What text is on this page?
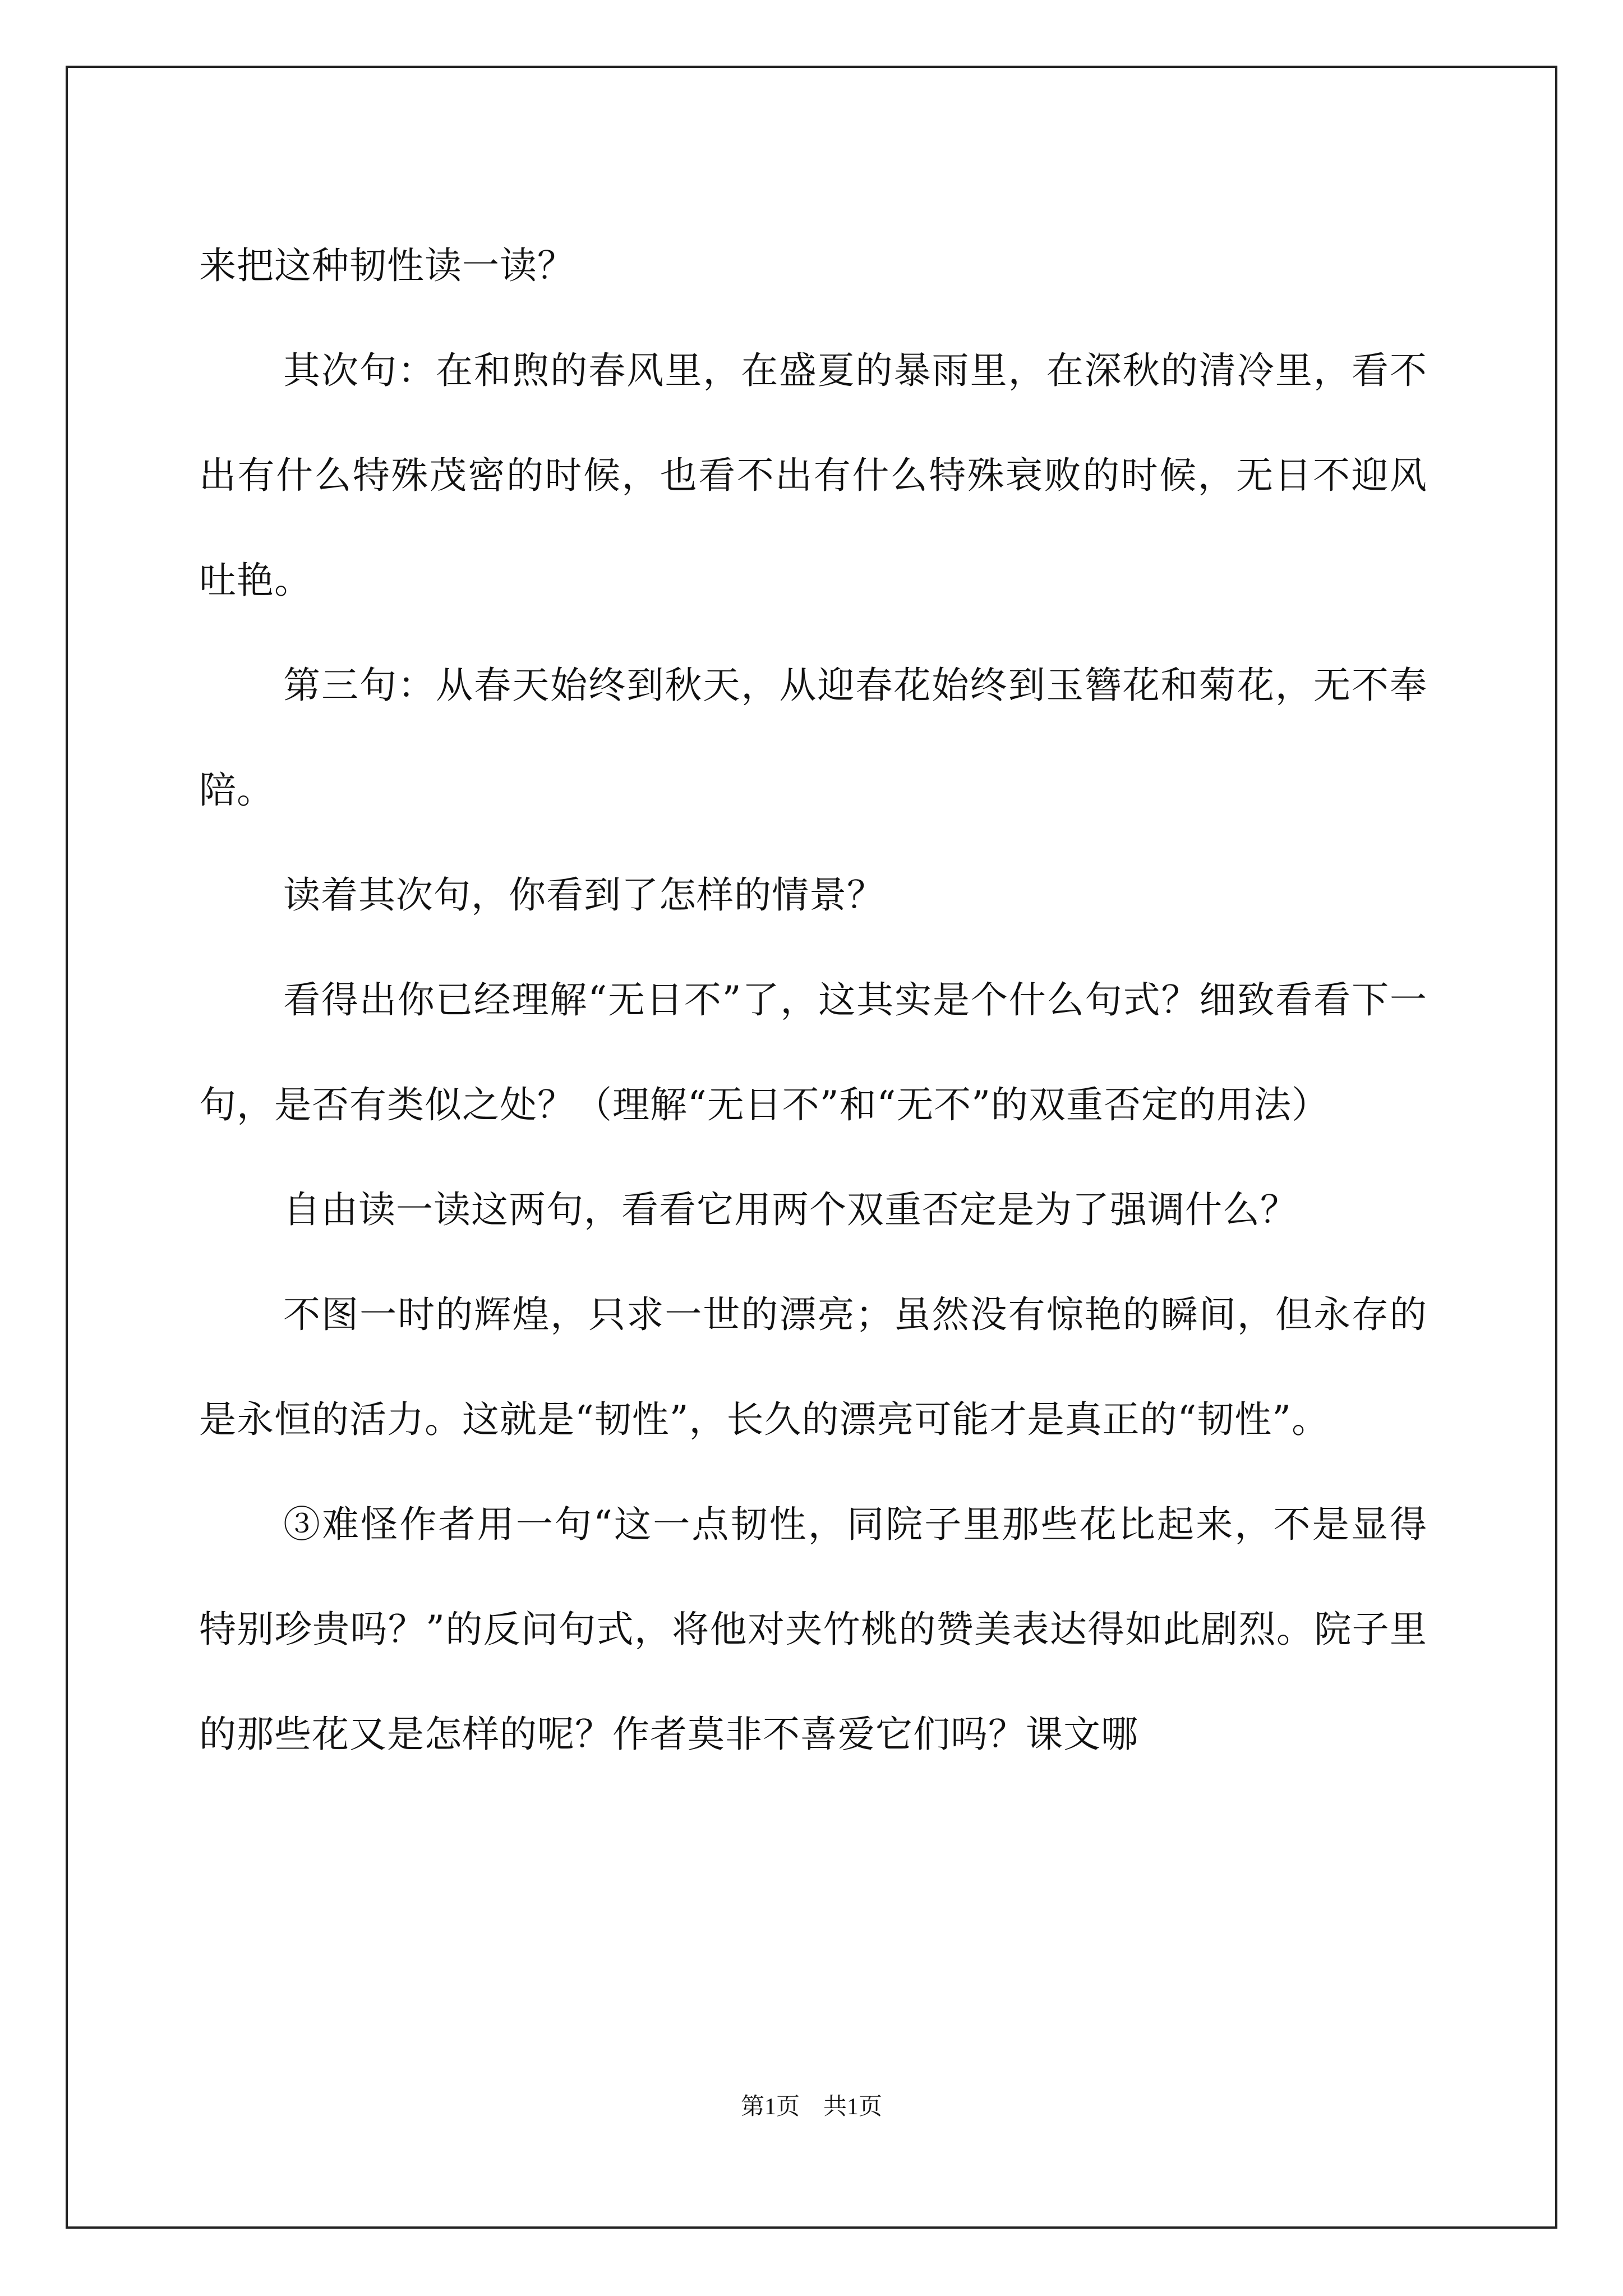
来把这种韧性读一读？

其次句：在和煦的春风里，在盛夏的暴雨里，在深秋的清冷里，看不出有什么特殊茂密的时候，也看不出有什么特殊衰败的时候，无日不迎风吐艳。

第三句：从春天始终到秋天，从迎春花始终到玉簪花和菊花，无不奉陪。

读着其次句，你看到了怎样的情景？

看得出你已经理解“无日不”了，这其实是个什么句式？细致看看下一句，是否有类似之处？（理解“无日不”和“无不”的双重否定的用法）

自由读一读这两句，看看它用两个双重否定是为了强调什么？

不图一时的辉煌，只求一世的漂亮；虽然没有惊艳的瞬间，但永存的是永恒的活力。这就是“韧性”，长久的漂亮可能才是真正的“韧性”。

③难怪作者用一句“这一点韧性，同院子里那些花比起来，不是显得特别珍贵吗？”的反问句式，将他对夹竹桃的赞美表达得如此剧烈。院子里的那些花又是怎样的呢？作者莫非不喜爱它们吗？课文哪

第1页　共1页
